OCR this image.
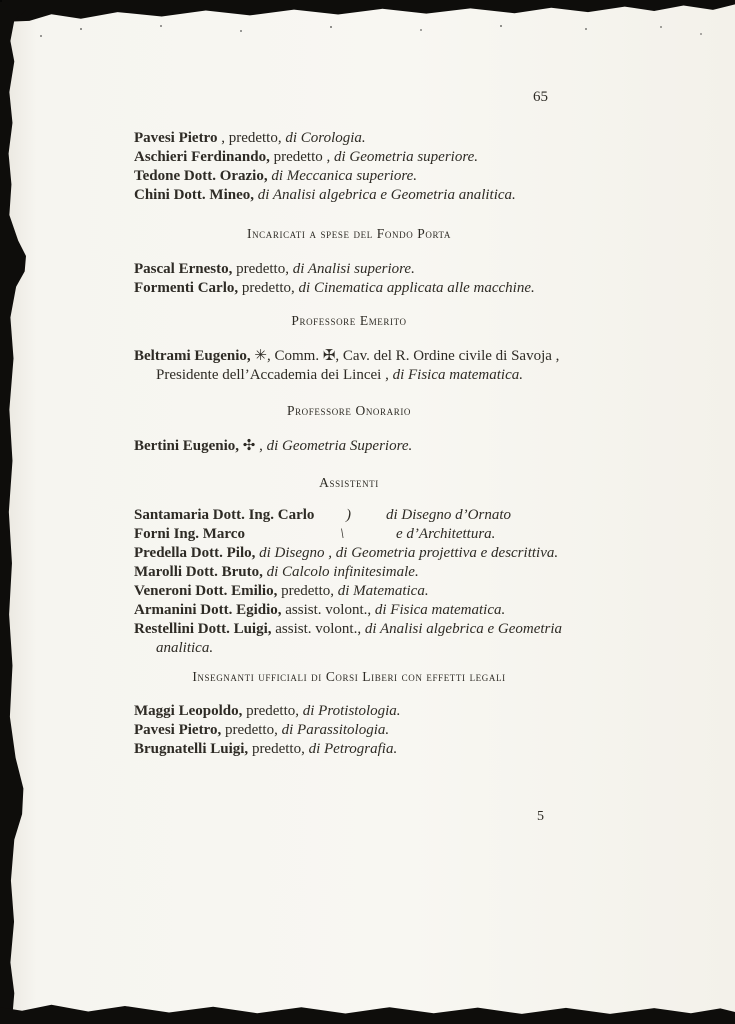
65

Pavesi Pietro , predetto, di Corologia.

Aschieri Ferdinando, predetto , di Geometria superiore.

Tedone Dott. Orazio, di Meccanica superiore.

Chini Dott. Mineo, di Analisi algebrica e Geometria analitica.

Incaricati a spese del Fondo Porta

Pascal Ernesto, predetto, di Analisi superiore.

Formenti Carlo, predetto, di Cinematica applicata alle macchine.

Professore Emerito

Beltrami Eugenio, ✳, Comm. ✠, Cav. del R. Ordine civile di Savoja , Presidente dell’Accademia dei Lincei , di Fisica matematica.

Professore Onorario

Bertini Eugenio, ✣ , di Geometria Superiore.

Assistenti

Santamaria Dott. Ing. Carlo ) di Disegno d’Ornato

Forni Ing. Marco	\	e d’Architettura.

Predella Dott. Pilo, di Disegno , di Geometria projettiva e descrittiva.

Marolli Dott. Bruto, di Calcolo infinitesimale.

Veneroni Dott. Emilio, predetto, di Matematica.

Armanini Dott. Egidio, assist. volont., di Fisica matematica.

Restellini Dott. Luigi, assist. volont., di Analisi algebrica e Geometria analitica.

Insegnanti ufficiali di Corsi Liberi con effetti legali

Maggi Leopoldo, predetto, di Protistologia.

Pavesi Pietro, predetto, di Parassitologia.

Brugnatelli Luigi, predetto, di Petrografia.

5
